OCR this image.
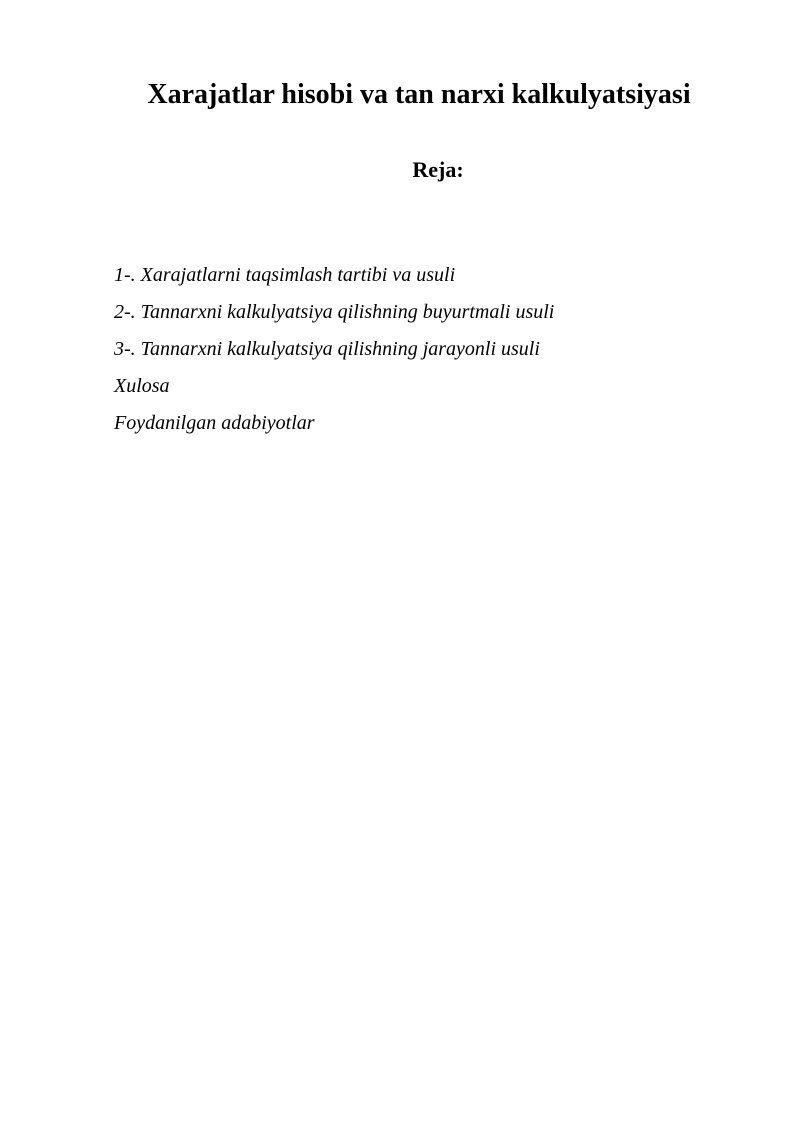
Xarajatlar hisobi va tan narxi kalkulyatsiyasi
Reja:
1-. Xarajatlarni taqsimlash tartibi va usuli
2-. Tannarxni kalkulyatsiya qilishning buyurtmali usuli
3-. Tannarxni kalkulyatsiya qilishning jarayonli usuli
Xulosa
Foydanilgan adabiyotlar
